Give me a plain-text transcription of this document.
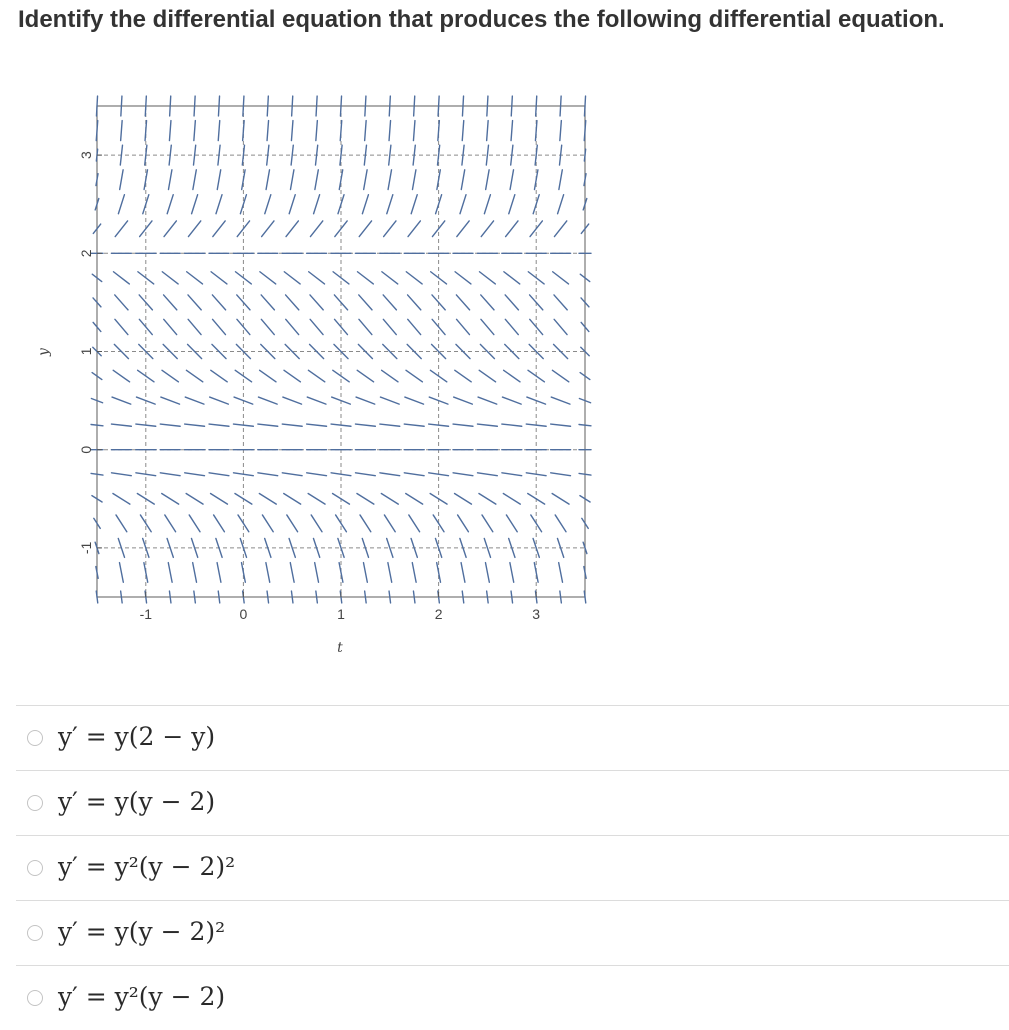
Identify the differential equation that produces the following differential equation.
-1	0	1	2	3
-1
0
1
2
3
y
t
y′ = y(2 − y)
y′ = y(y − 2)
y′ = y²(y − 2)²
y′ = y(y − 2)²
y′ = y²(y − 2)
